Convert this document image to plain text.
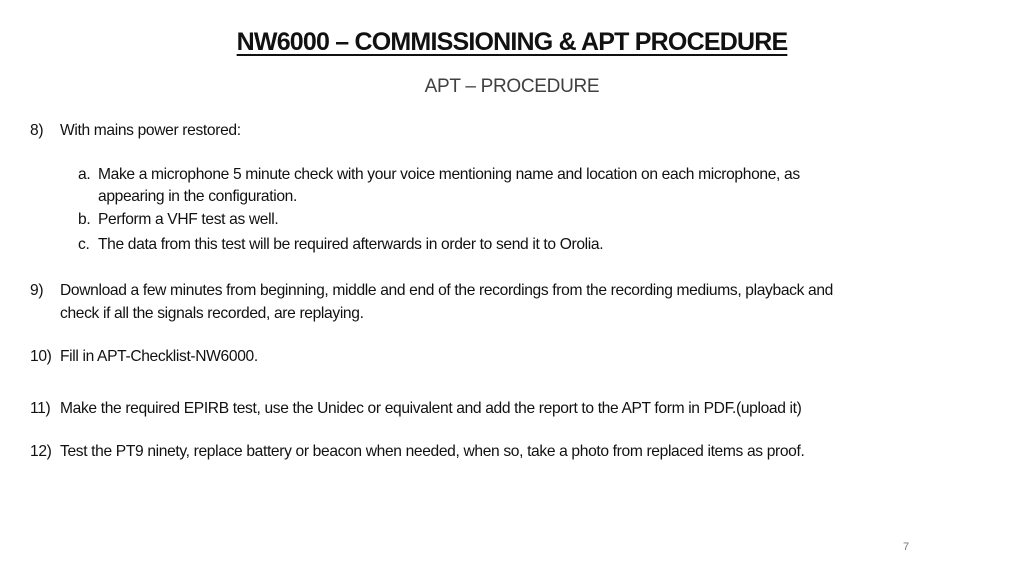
NW6000 – COMMISSIONING & APT PROCEDURE
APT – PROCEDURE
8) With mains power restored:
a. Make a microphone 5 minute check with your voice mentioning name and location on each microphone, as
appearing in the configuration.
b. Perform a VHF test as well.
c. The data from this test will be required afterwards in order to send it to Orolia.
9) Download a few minutes from beginning, middle and end of the recordings from the recording mediums, playback and
check if all the signals recorded, are replaying.
10) Fill in APT-Checklist-NW6000.
11) Make the required EPIRB test, use the Unidec or equivalent and add the report to the APT form in PDF.(upload it)
12) Test the PT9 ninety, replace battery or beacon when needed, when so, take a photo from replaced items as proof.
7
